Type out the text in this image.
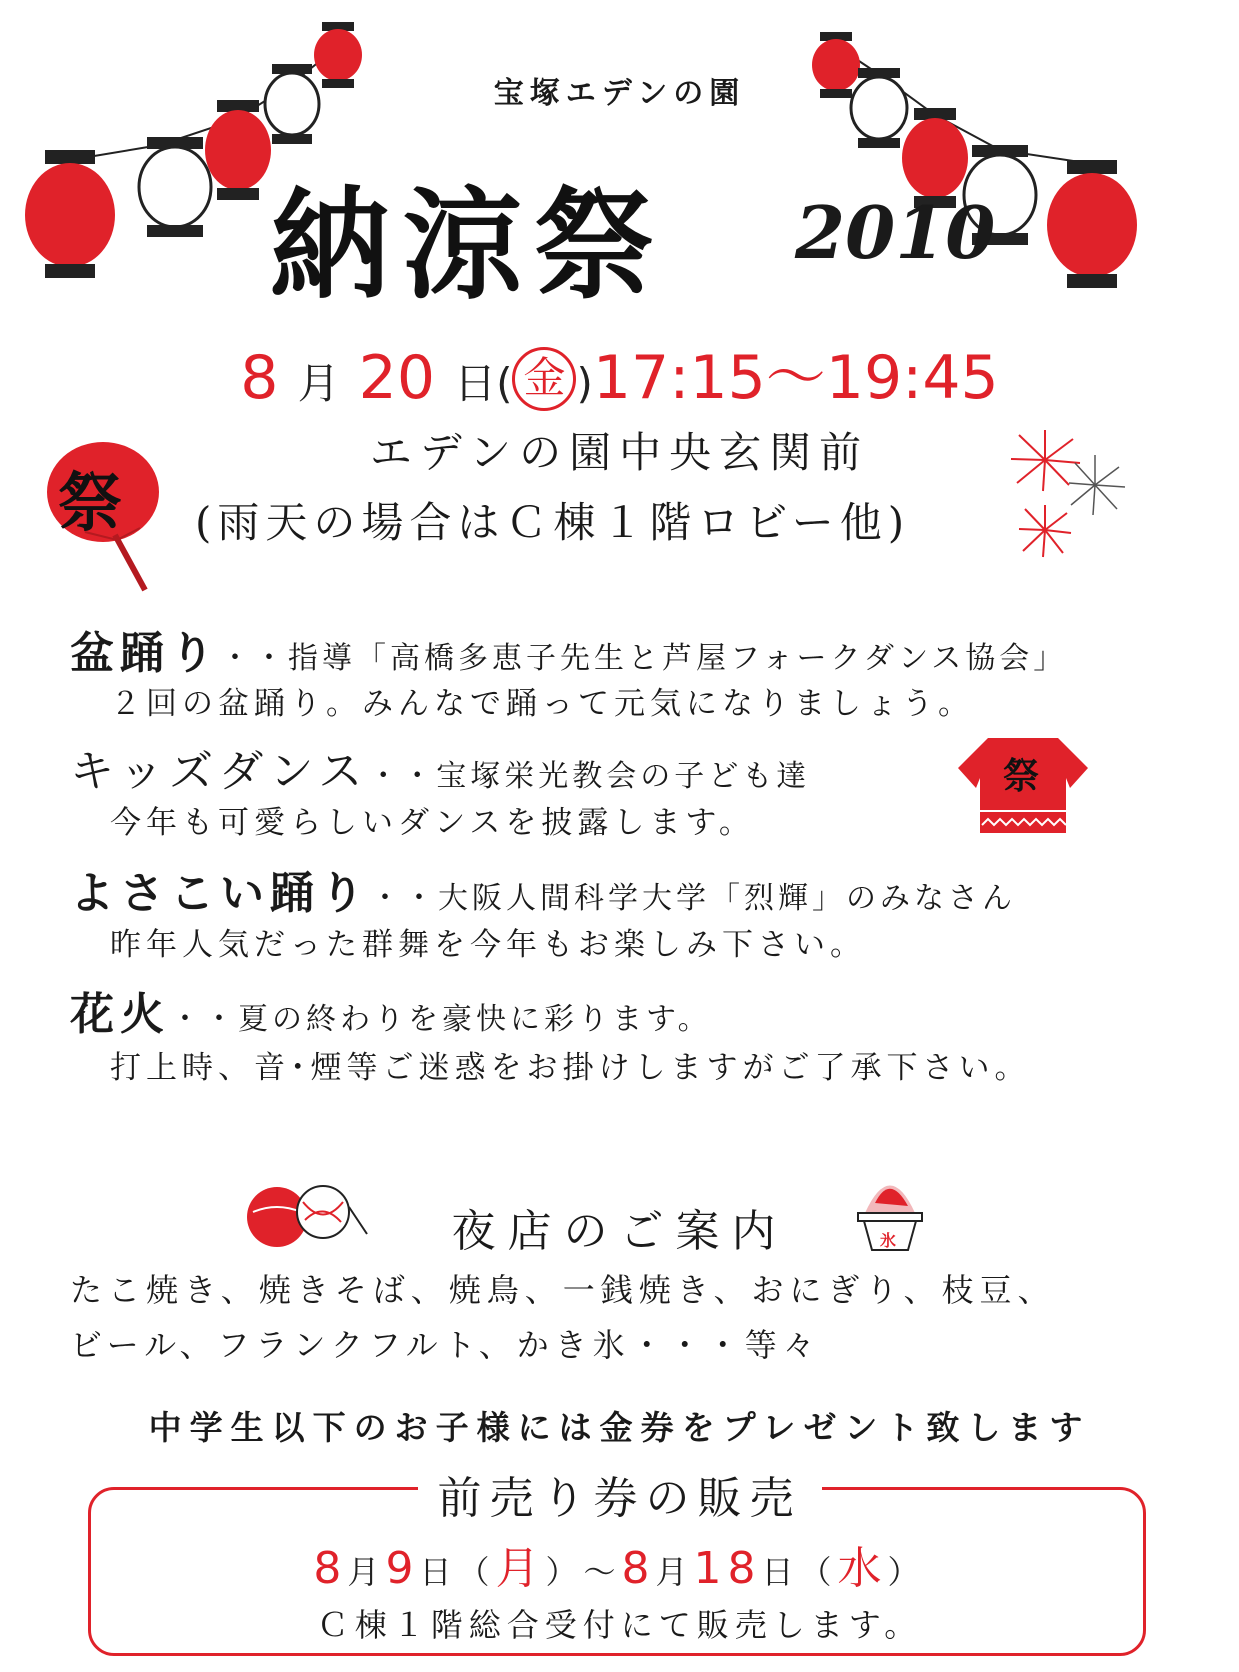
宝塚エデンの園
納涼祭 2010
8 月 20 日( 金 )17:15〜19:45
エデンの園中央玄関前
祭 (雨天の場合はＣ棟１階ロビー他)
盆踊り・・指導「高橋多恵子先生と芦屋フォークダンス協会」
２回の盆踊り。みんなで踊って元気になりましょう。
キッズダンス・・宝塚栄光教会の子ども達
今年も可愛らしいダンスを披露します。
祭
よさこい踊り・・大阪人間科学大学「烈輝」のみなさん
昨年人気だった群舞を今年もお楽しみ下さい。
花火・・夏の終わりを豪快に彩ります。
打上時、音･煙等ご迷惑をお掛けしますがご了承下さい。
夜店のご案内	氷
たこ焼き、焼きそば、焼鳥、一銭焼き、おにぎり、枝豆、
ビール、フランクフルト、かき氷・・・等々
中学生以下のお子様には金券をプレゼント致します
前売り券の販売
8月9日（月）〜8月18日（水）
Ｃ棟１階総合受付にて販売します。
